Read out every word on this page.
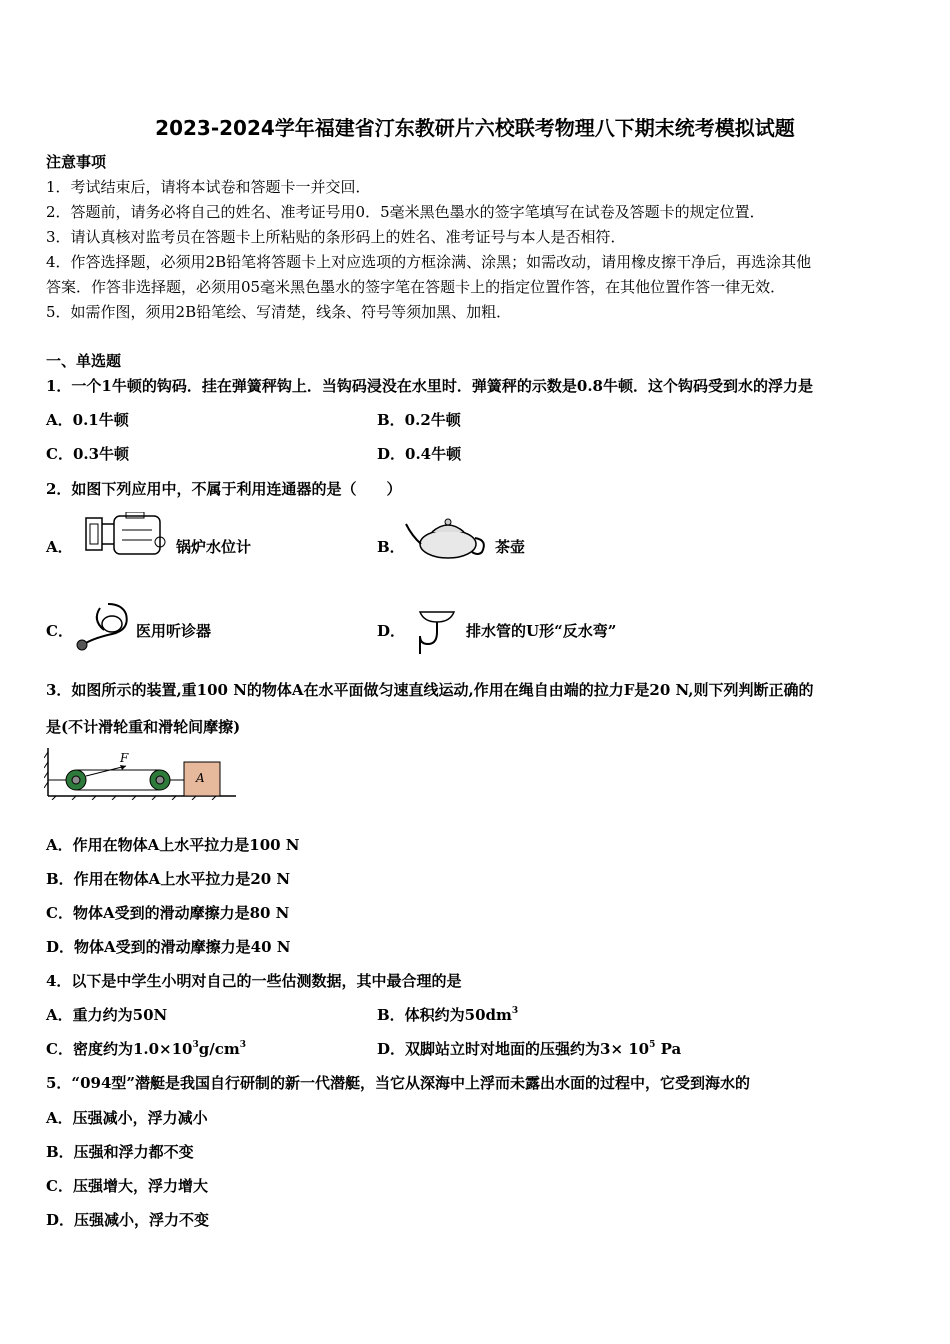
2023-2024学年福建省汀东教研片六校联考物理八下期末统考模拟试题
注意事项
1．考试结束后，请将本试卷和答题卡一并交回．
2．答题前，请务必将自己的姓名、准考证号用0．5毫米黑色墨水的签字笔填写在试卷及答题卡的规定位置．
3．请认真核对监考员在答题卡上所粘贴的条形码上的姓名、准考证号与本人是否相符．
4．作答选择题，必须用2B铅笔将答题卡上对应选项的方框涂满、涂黑；如需改动，请用橡皮擦干净后，再选涂其他
答案．作答非选择题，必须用05毫米黑色墨水的签字笔在答题卡上的指定位置作答，在其他位置作答一律无效．
5．如需作图，须用2B铅笔绘、写清楚，线条、符号等须加黑、加粗．
一、单选题
1．一个1牛顿的钩码．挂在弹簧秤钩上．当钩码浸没在水里时．弹簧秤的示数是0.8牛顿．这个钩码受到水的浮力是
A．0.1牛顿	B．0.2牛顿
C．0.3牛顿	D．0.4牛顿
2．如图下列应用中，不属于利用连通器的是（　　）
A．	锅炉水位计	B．	茶壶
C．	医用听诊器	D．	排水管的U形“反水弯”
3．如图所示的装置,重100 N的物体A在水平面做匀速直线运动,作用在绳自由端的拉力F是20 N,则下列判断正确的
是(不计滑轮重和滑轮间摩擦)
F
A
A．作用在物体A上水平拉力是100 N
B．作用在物体A上水平拉力是20 N
C．物体A受到的滑动摩擦力是80 N
D．物体A受到的滑动摩擦力是40 N
4．以下是中学生小明对自己的一些估测数据，其中最合理的是
A．重力约为50N	B．体积约为$50dm^3$
C．密度约为$1.0\times 10^3g/cm^3$	D．双脚站立时对地面的压强约为$3\times 10^5$ Pa
5．“094型”潜艇是我国自行研制的新一代潜艇，当它从深海中上浮而未露出水面的过程中，它受到海水的
A．压强减小，浮力减小
B．压强和浮力都不变
C．压强增大，浮力增大
D．压强减小，浮力不变
